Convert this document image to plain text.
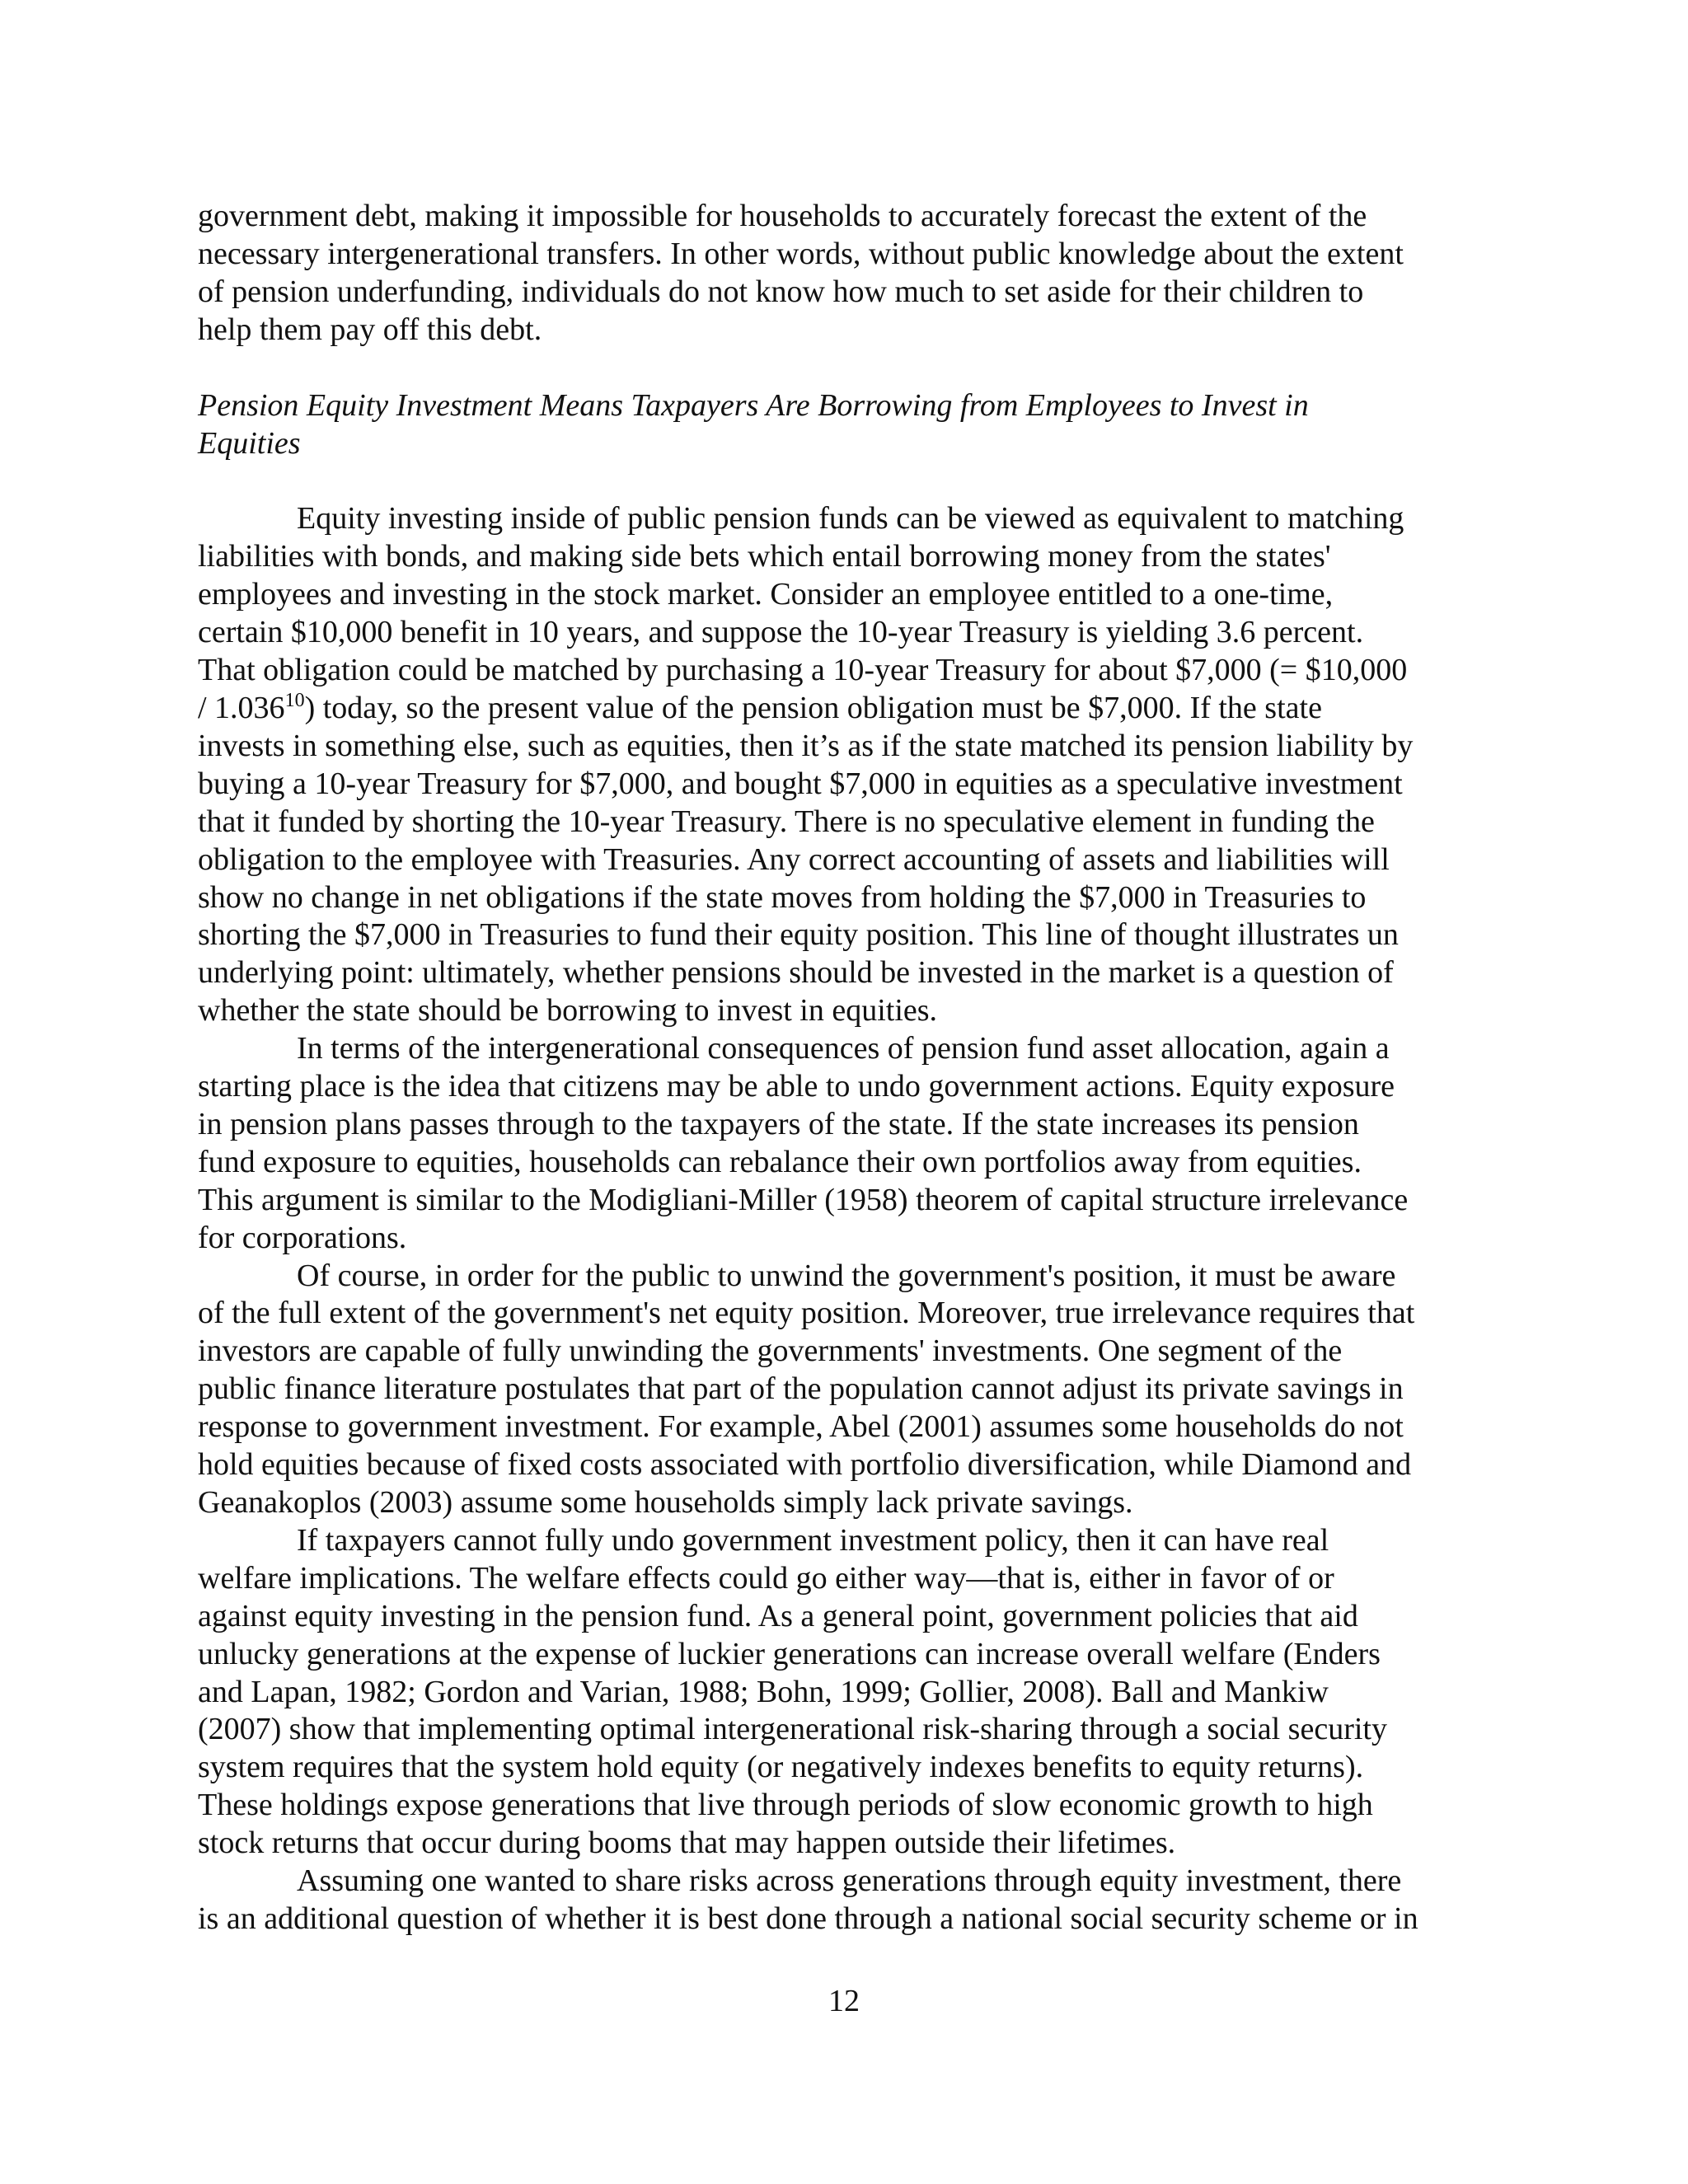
government debt, making it impossible for households to accurately forecast the extent of the
necessary intergenerational transfers. In other words, without public knowledge about the extent
of pension underfunding, individuals do not know how much to set aside for their children to
help them pay off this debt.
Pension Equity Investment Means Taxpayers Are Borrowing from Employees to Invest in
Equities
Equity investing inside of public pension funds can be viewed as equivalent to matching
liabilities with bonds, and making side bets which entail borrowing money from the states'
employees and investing in the stock market. Consider an employee entitled to a one-time,
certain $10,000 benefit in 10 years, and suppose the 10-year Treasury is yielding 3.6 percent.
That obligation could be matched by purchasing a 10-year Treasury for about $7,000 (= $10,000
/ 1.036$^{10}$) today, so the present value of the pension obligation must be $7,000. If the state
invests in something else, such as equities, then it’s as if the state matched its pension liability by
buying a 10-year Treasury for $7,000, and bought $7,000 in equities as a speculative investment
that it funded by shorting the 10-year Treasury. There is no speculative element in funding the
obligation to the employee with Treasuries. Any correct accounting of assets and liabilities will
show no change in net obligations if the state moves from holding the $7,000 in Treasuries to
shorting the $7,000 in Treasuries to fund their equity position. This line of thought illustrates un
underlying point: ultimately, whether pensions should be invested in the market is a question of
whether the state should be borrowing to invest in equities.
In terms of the intergenerational consequences of pension fund asset allocation, again a
starting place is the idea that citizens may be able to undo government actions. Equity exposure
in pension plans passes through to the taxpayers of the state. If the state increases its pension
fund exposure to equities, households can rebalance their own portfolios away from equities.
This argument is similar to the Modigliani-Miller (1958) theorem of capital structure irrelevance
for corporations.
Of course, in order for the public to unwind the government's position, it must be aware
of the full extent of the government's net equity position. Moreover, true irrelevance requires that
investors are capable of fully unwinding the governments' investments. One segment of the
public finance literature postulates that part of the population cannot adjust its private savings in
response to government investment. For example, Abel (2001) assumes some households do not
hold equities because of fixed costs associated with portfolio diversification, while Diamond and
Geanakoplos (2003) assume some households simply lack private savings.
If taxpayers cannot fully undo government investment policy, then it can have real
welfare implications. The welfare effects could go either way—that is, either in favor of or
against equity investing in the pension fund. As a general point, government policies that aid
unlucky generations at the expense of luckier generations can increase overall welfare (Enders
and Lapan, 1982; Gordon and Varian, 1988; Bohn, 1999; Gollier, 2008). Ball and Mankiw
(2007) show that implementing optimal intergenerational risk-sharing through a social security
system requires that the system hold equity (or negatively indexes benefits to equity returns).
These holdings expose generations that live through periods of slow economic growth to high
stock returns that occur during booms that may happen outside their lifetimes.
Assuming one wanted to share risks across generations through equity investment, there
is an additional question of whether it is best done through a national social security scheme or in
12
